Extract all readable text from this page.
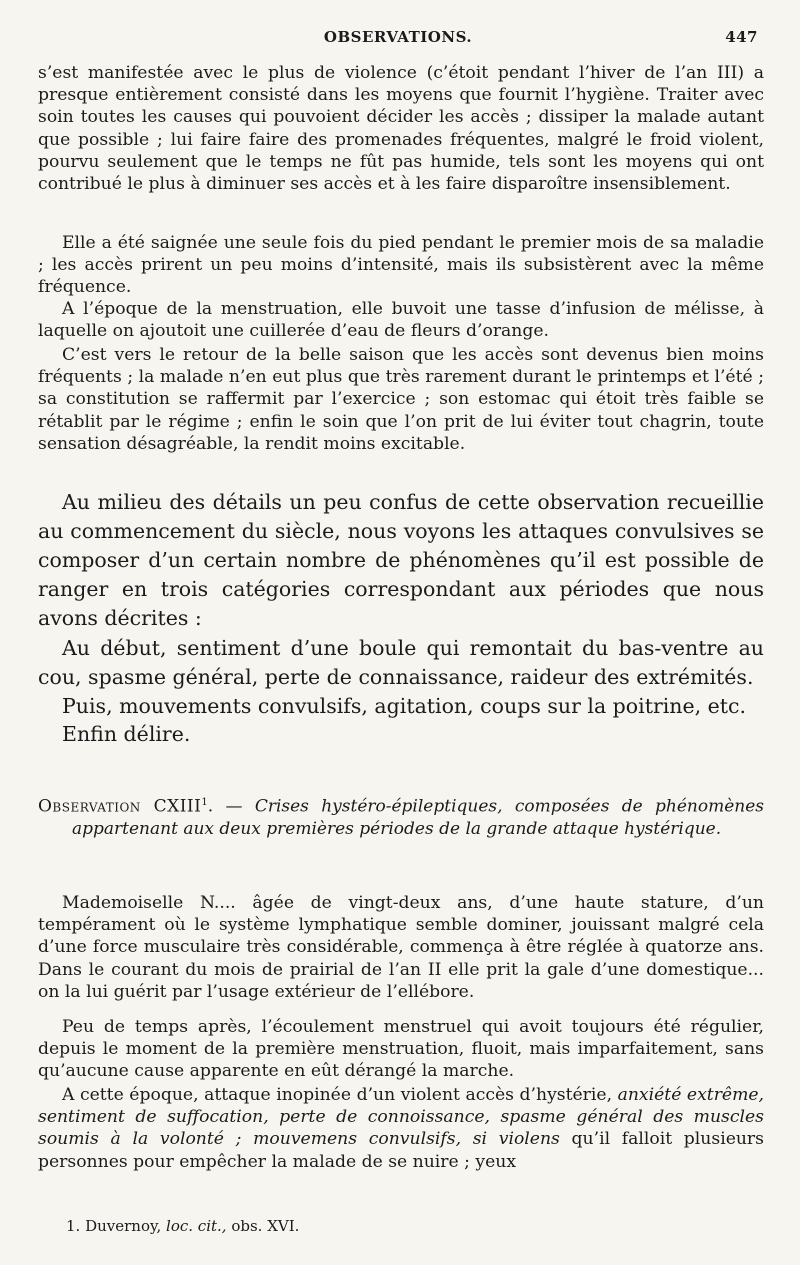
OBSERVATIONS.	447

s’est manifestée avec le plus de violence (c’étoit pendant l’hiver de l’an III) a presque entièrement consisté dans les moyens que fournit l’hygiène. Traiter avec soin toutes les causes qui pouvoient décider les accès ; dissiper la malade autant que possible ; lui faire faire des promenades fréquentes, malgré le froid violent, pourvu seulement que le temps ne fût pas humide, tels sont les moyens qui ont contribué le plus à diminuer ses accès et à les faire disparoître insensiblement.

Elle a été saignée une seule fois du pied pendant le premier mois de sa maladie ; les accès prirent un peu moins d’intensité, mais ils subsistèrent avec la même fréquence.

A l’époque de la menstruation, elle buvoit une tasse d’infusion de mélisse, à laquelle on ajoutoit une cuillerée d’eau de fleurs d’orange.

C’est vers le retour de la belle saison que les accès sont devenus bien moins fréquents ; la malade n’en eut plus que très rarement durant le printemps et l’été ; sa constitution se raffermit par l’exercice ; son estomac qui étoit très faible se rétablit par le régime ; enfin le soin que l’on prit de lui éviter tout chagrin, toute sensation désagréable, la rendit moins excitable.

Au milieu des détails un peu confus de cette observation recueillie au commencement du siècle, nous voyons les attaques convulsives se composer d’un certain nombre de phénomènes qu’il est possible de ranger en trois catégories correspondant aux périodes que nous avons décrites :

Au début, sentiment d’une boule qui remontait du bas-ventre au cou, spasme général, perte de connaissance, raideur des extrémités.

Puis, mouvements convulsifs, agitation, coups sur la poitrine, etc.

Enfin délire.

Observation CXIII$^1$. — Crises hystéro-épileptiques, composées de phénomènes appartenant aux deux premières périodes de la grande attaque hystérique.

Mademoiselle N.... âgée de vingt-deux ans, d’une haute stature, d’un tempérament où le système lymphatique semble dominer, jouissant malgré cela d’une force musculaire très considérable, commença à être réglée à quatorze ans. Dans le courant du mois de prairial de l’an II elle prit la gale d’une domestique... on la lui guérit par l’usage extérieur de l’ellébore.

Peu de temps après, l’écoulement menstruel qui avoit toujours été régulier, depuis le moment de la première menstruation, fluoit, mais imparfaitement, sans qu’aucune cause apparente en eût dérangé la marche.

A cette époque, attaque inopinée d’un violent accès d’hystérie, anxiété extrême, sentiment de suffocation, perte de connoissance, spasme général des muscles soumis à la volonté ; mouvemens convulsifs, si violens qu’il falloit plusieurs personnes pour empêcher la malade de se nuire ; yeux

1. Duvernoy, loc. cit., obs. XVI.
